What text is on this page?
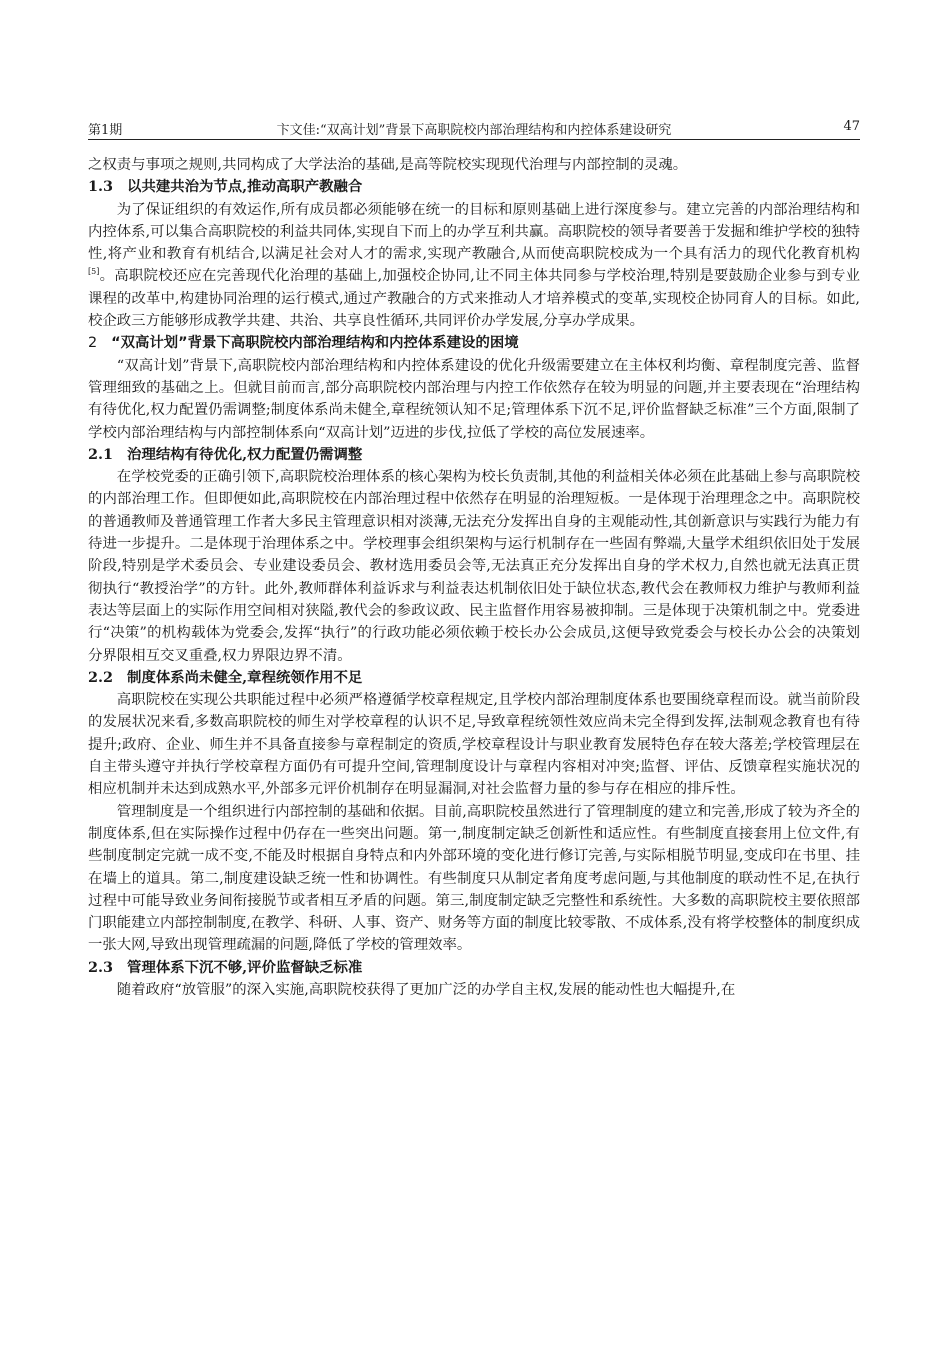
第1期	卞文佳:“双高计划”背景下高职院校内部治理结构和内控体系建设研究	47

之权责与事项之规则,共同构成了大学法治的基础,是高等院校实现现代治理与内部控制的灵魂。

1.3 以共建共治为节点,推动高职产教融合

为了保证组织的有效运作,所有成员都必须能够在统一的目标和原则基础上进行深度参与。建立完善的内部治理结构和内控体系,可以集合高职院校的利益共同体,实现自下而上的办学互利共赢。高职院校的领导者要善于发掘和维护学校的独特性,将产业和教育有机结合,以满足社会对人才的需求,实现产教融合,从而使高职院校成为一个具有活力的现代化教育机构[5]。高职院校还应在完善现代化治理的基础上,加强校企协同,让不同主体共同参与学校治理,特别是要鼓励企业参与到专业课程的改革中,构建协同治理的运行模式,通过产教融合的方式来推动人才培养模式的变革,实现校企协同育人的目标。如此,校企政三方能够形成教学共建、共治、共享良性循环,共同评价办学发展,分享办学成果。

2 “双高计划”背景下高职院校内部治理结构和内控体系建设的困境

“双高计划”背景下,高职院校内部治理结构和内控体系建设的优化升级需要建立在主体权利均衡、章程制度完善、监督管理细致的基础之上。但就目前而言,部分高职院校内部治理与内控工作依然存在较为明显的问题,并主要表现在“治理结构有待优化,权力配置仍需调整;制度体系尚未健全,章程统领认知不足;管理体系下沉不足,评价监督缺乏标准”三个方面,限制了学校内部治理结构与内部控制体系向“双高计划”迈进的步伐,拉低了学校的高位发展速率。

2.1 治理结构有待优化,权力配置仍需调整

在学校党委的正确引领下,高职院校治理体系的核心架构为校长负责制,其他的利益相关体必须在此基础上参与高职院校的内部治理工作。但即便如此,高职院校在内部治理过程中依然存在明显的治理短板。一是体现于治理理念之中。高职院校的普通教师及普通管理工作者大多民主管理意识相对淡薄,无法充分发挥出自身的主观能动性,其创新意识与实践行为能力有待进一步提升。二是体现于治理体系之中。学校理事会组织架构与运行机制存在一些固有弊端,大量学术组织依旧处于发展阶段,特别是学术委员会、专业建设委员会、教材选用委员会等,无法真正充分发挥出自身的学术权力,自然也就无法真正贯彻执行“教授治学”的方针。此外,教师群体利益诉求与利益表达机制依旧处于缺位状态,教代会在教师权力维护与教师利益表达等层面上的实际作用空间相对狭隘,教代会的参政议政、民主监督作用容易被抑制。三是体现于决策机制之中。党委进行“决策”的机构载体为党委会,发挥“执行”的行政功能必须依赖于校长办公会成员,这便导致党委会与校长办公会的决策划分界限相互交叉重叠,权力界限边界不清。

2.2 制度体系尚未健全,章程统领作用不足

高职院校在实现公共职能过程中必须严格遵循学校章程规定,且学校内部治理制度体系也要围绕章程而设。就当前阶段的发展状况来看,多数高职院校的师生对学校章程的认识不足,导致章程统领性效应尚未完全得到发挥,法制观念教育也有待提升;政府、企业、师生并不具备直接参与章程制定的资质,学校章程设计与职业教育发展特色存在较大落差;学校管理层在自主带头遵守并执行学校章程方面仍有可提升空间,管理制度设计与章程内容相对冲突;监督、评估、反馈章程实施状况的相应机制并未达到成熟水平,外部多元评价机制存在明显漏洞,对社会监督力量的参与存在相应的排斥性。

管理制度是一个组织进行内部控制的基础和依据。目前,高职院校虽然进行了管理制度的建立和完善,形成了较为齐全的制度体系,但在实际操作过程中仍存在一些突出问题。第一,制度制定缺乏创新性和适应性。有些制度直接套用上位文件,有些制度制定完就一成不变,不能及时根据自身特点和内外部环境的变化进行修订完善,与实际相脱节明显,变成印在书里、挂在墙上的道具。第二,制度建设缺乏统一性和协调性。有些制度只从制定者角度考虑问题,与其他制度的联动性不足,在执行过程中可能导致业务间衔接脱节或者相互矛盾的问题。第三,制度制定缺乏完整性和系统性。大多数的高职院校主要依照部门职能建立内部控制制度,在教学、科研、人事、资产、财务等方面的制度比较零散、不成体系,没有将学校整体的制度织成一张大网,导致出现管理疏漏的问题,降低了学校的管理效率。

2.3 管理体系下沉不够,评价监督缺乏标准

随着政府“放管服”的深入实施,高职院校获得了更加广泛的办学自主权,发展的能动性也大幅提升,在
